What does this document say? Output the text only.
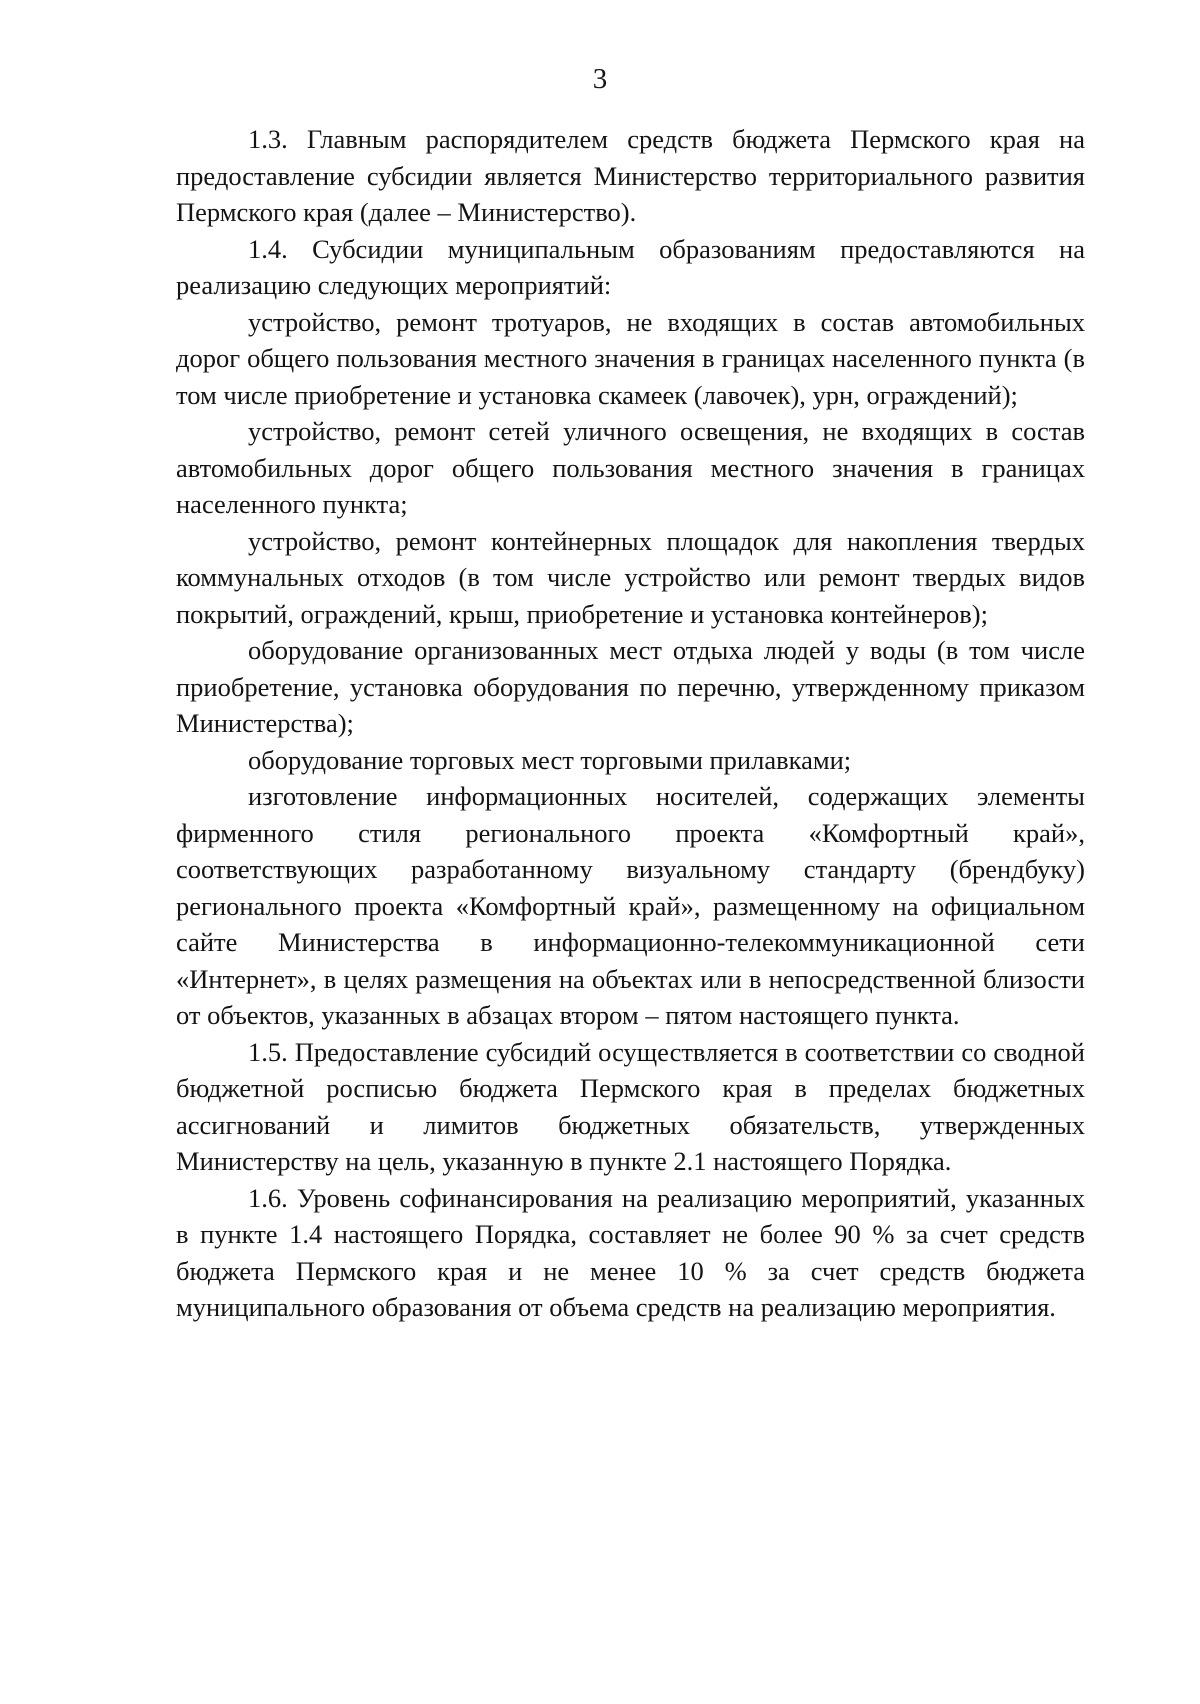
3

1.3. Главным распорядителем средств бюджета Пермского края на предоставление субсидии является Министерство территориального развития Пермского края (далее – Министерство).

1.4. Субсидии муниципальным образованиям предоставляются на реализацию следующих мероприятий:

устройство, ремонт тротуаров, не входящих в состав автомобильных дорог общего пользования местного значения в границах населенного пункта (в том числе приобретение и установка скамеек (лавочек), урн, ограждений);

устройство, ремонт сетей уличного освещения, не входящих в состав автомобильных дорог общего пользования местного значения в границах населенного пункта;

устройство, ремонт контейнерных площадок для накопления твердых коммунальных отходов (в том числе устройство или ремонт твердых видов покрытий, ограждений, крыш, приобретение и установка контейнеров);

оборудование организованных мест отдыха людей у воды (в том числе приобретение, установка оборудования по перечню, утвержденному приказом Министерства);

оборудование торговых мест торговыми прилавками;

изготовление информационных носителей, содержащих элементы фирменного стиля регионального проекта «Комфортный край», соответствующих разработанному визуальному стандарту (брендбуку) регионального проекта «Комфортный край», размещенному на официальном сайте Министерства в информационно-телекоммуникационной сети «Интернет», в целях размещения на объектах или в непосредственной близости от объектов, указанных в абзацах втором – пятом настоящего пункта.

1.5. Предоставление субсидий осуществляется в соответствии со сводной бюджетной росписью бюджета Пермского края в пределах бюджетных ассигнований и лимитов бюджетных обязательств, утвержденных Министерству на цель, указанную в пункте 2.1 настоящего Порядка.

1.6. Уровень софинансирования на реализацию мероприятий, указанных в пункте 1.4 настоящего Порядка, составляет не более 90 % за счет средств бюджета Пермского края и не менее 10 % за счет средств бюджета муниципального образования от объема средств на реализацию мероприятия.
